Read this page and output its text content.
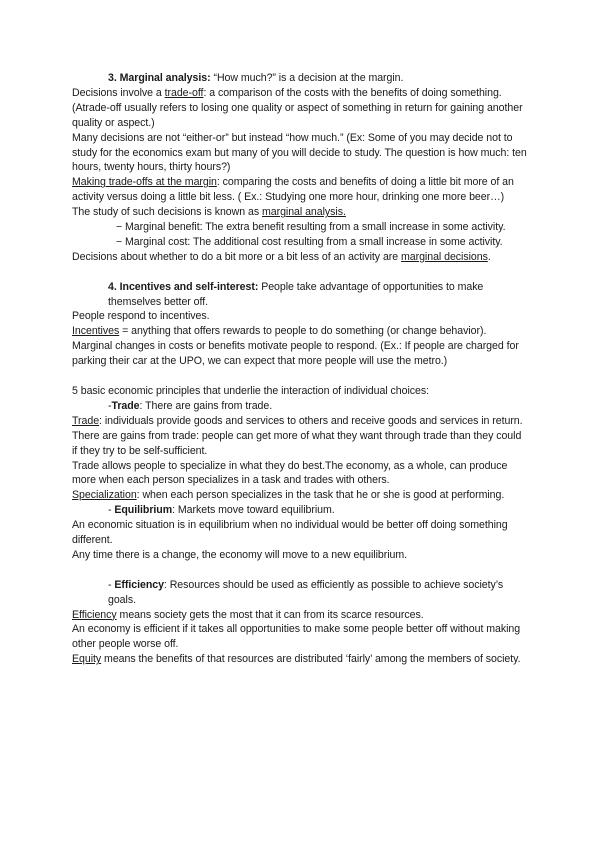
3. Marginal analysis: “How much?” is a decision at the margin.

Decisions involve a trade-off: a comparison of the costs with the benefits of doing something.

(Atrade-off usually refers to losing one quality or aspect of something in return for gaining another quality or aspect.)

Many decisions are not “either-or” but instead “how much.” (Ex: Some of you may decide not to study for the economics exam but many of you will decide to study. The question is how much: ten hours, twenty hours, thirty hours?)

Making trade-offs at the margin: comparing the costs and benefits of doing a little bit more of an activity versus doing a little bit less. ( Ex.: Studying one more hour, drinking one more beer…)

The study of such decisions is known as marginal analysis.

− Marginal benefit: The extra benefit resulting from a small increase in some activity.

− Marginal cost: The additional cost resulting from a small increase in some activity.

Decisions about whether to do a bit more or a bit less of an activity are marginal decisions.

4. Incentives and self-interest: People take advantage of opportunities to make themselves better off.

People respond to incentives.

Incentives = anything that offers rewards to people to do something (or change behavior).

Marginal changes in costs or benefits motivate people to respond. (Ex.: If people are charged for parking their car at the UPO, we can expect that more people will use the metro.)

5 basic economic principles that underlie the interaction of individual choices:

-Trade: There are gains from trade.

Trade: individuals provide goods and services to others and receive goods and services in return.

There are gains from trade: people can get more of what they want through trade than they could if they try to be self-sufficient.

Trade allows people to specialize in what they do best.The economy, as a whole, can produce more when each person specializes in a task and trades with others.

Specialization: when each person specializes in the task that he or she is good at performing.

- Equilibrium: Markets move toward equilibrium.

An economic situation is in equilibrium when no individual would be better off doing something different.

Any time there is a change, the economy will move to a new equilibrium.

- Efficiency: Resources should be used as efficiently as possible to achieve society’s goals.

Efficiency means society gets the most that it can from its scarce resources.

An economy is efficient if it takes all opportunities to make some people better off without making other people worse off.

Equity means the benefits of that resources are distributed ‘fairly’ among the members of society.
